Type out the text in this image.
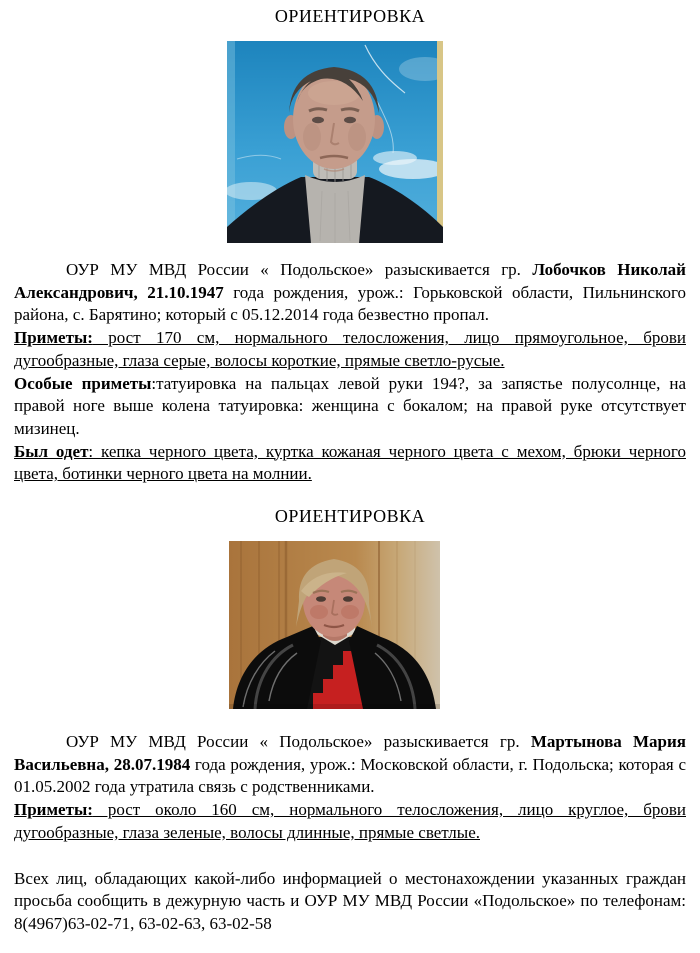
ОРИЕНТИРОВКА

ОУР МУ МВД России « Подольское» разыскивается гр. Лобочков Николай Александрович, 21.10.1947 года рождения, урож.: Горьковской области, Пильнинского района, с. Барятино; который с 05.12.2014 года безвестно пропал.

Приметы: рост 170 см, нормального телосложения, лицо прямоугольное, брови дугообразные, глаза серые, волосы короткие, прямые светло-русые.

Особые приметы:татуировка на пальцах левой руки 194?, за запястье полусолнце, на правой ноге выше колена татуировка: женщина с бокалом; на правой руке отсутствует мизинец.

Был одет: кепка черного цвета, куртка кожаная черного цвета с мехом, брюки черного цвета, ботинки черного цвета на молнии.

ОРИЕНТИРОВКА

ОУР МУ МВД России « Подольское» разыскивается гр. Мартынова Мария Васильевна, 28.07.1984 года рождения, урож.: Московской области, г. Подольска; которая с 01.05.2002 года утратила связь с родственниками.

Приметы: рост около 160 см, нормального телосложения, лицо круглое, брови дугообразные, глаза зеленые, волосы длинные, прямые светлые.

Всех лиц, обладающих какой-либо информацией о местонахождении указанных граждан просьба сообщить в дежурную часть и ОУР МУ МВД России «Подольское» по телефонам: 8(4967)63-02-71, 63-02-63, 63-02-58
